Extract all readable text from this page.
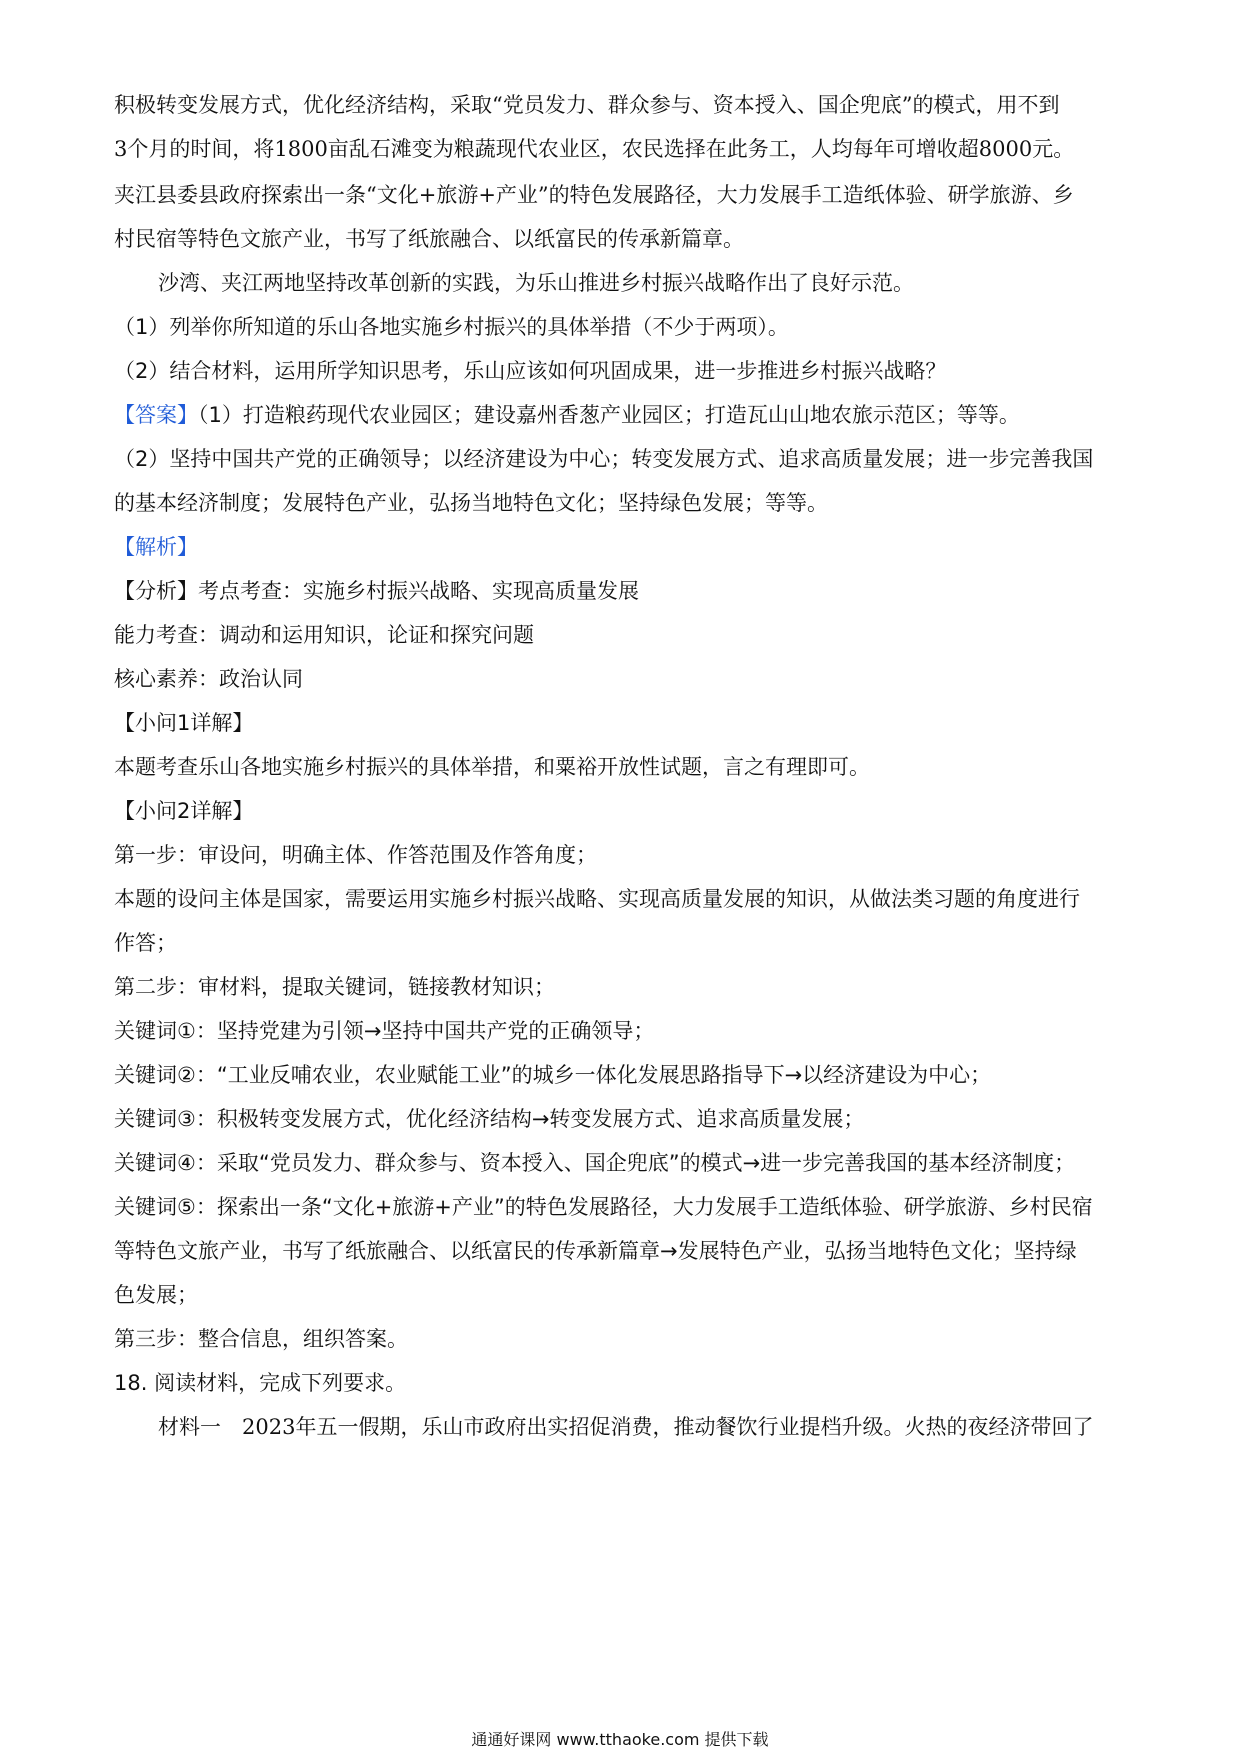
积极转变发展方式，优化经济结构，采取“党员发力、群众参与、资本授入、国企兜底”的模式，用不到
3个月的时间，将1800亩乱石滩变为粮蔬现代农业区，农民选择在此务工，人均每年可增收超8000元。
夹江县委县政府探索出一条“文化+旅游+产业”的特色发展路径，大力发展手工造纸体验、研学旅游、乡
村民宿等特色文旅产业，书写了纸旅融合、以纸富民的传承新篇章。
沙湾、夹江两地坚持改革创新的实践，为乐山推进乡村振兴战略作出了良好示范。
（1）列举你所知道的乐山各地实施乡村振兴的具体举措（不少于两项）。
（2）结合材料，运用所学知识思考，乐山应该如何巩固成果，进一步推进乡村振兴战略？
【答案】（1）打造粮药现代农业园区；建设嘉州香葱产业园区；打造瓦山山地农旅示范区；等等。
（2）坚持中国共产党的正确领导；以经济建设为中心；转变发展方式、追求高质量发展；进一步完善我国
的基本经济制度；发展特色产业，弘扬当地特色文化；坚持绿色发展；等等。
【解析】
【分析】考点考查：实施乡村振兴战略、实现高质量发展
能力考查：调动和运用知识，论证和探究问题
核心素养：政治认同
【小问1详解】
本题考查乐山各地实施乡村振兴的具体举措，和粟裕开放性试题，言之有理即可。
【小问2详解】
第一步：审设问，明确主体、作答范围及作答角度；
本题的设问主体是国家，需要运用实施乡村振兴战略、实现高质量发展的知识，从做法类习题的角度进行
作答；
第二步：审材料，提取关键词，链接教材知识；
关键词①：坚持党建为引领→坚持中国共产党的正确领导；
关键词②：“工业反哺农业，农业赋能工业”的城乡一体化发展思路指导下→以经济建设为中心；
关键词③：积极转变发展方式，优化经济结构→转变发展方式、追求高质量发展；
关键词④：采取“党员发力、群众参与、资本授入、国企兜底”的模式→进一步完善我国的基本经济制度；
关键词⑤：探索出一条“文化+旅游+产业”的特色发展路径，大力发展手工造纸体验、研学旅游、乡村民宿
等特色文旅产业，书写了纸旅融合、以纸富民的传承新篇章→发展特色产业，弘扬当地特色文化；坚持绿
色发展；
第三步：整合信息，组织答案。
18. 阅读材料，完成下列要求。
材料一　2023年五一假期，乐山市政府出实招促消费，推动餐饮行业提档升级。火热的夜经济带回了
通通好课网 www.tthaoke.com 提供下载
